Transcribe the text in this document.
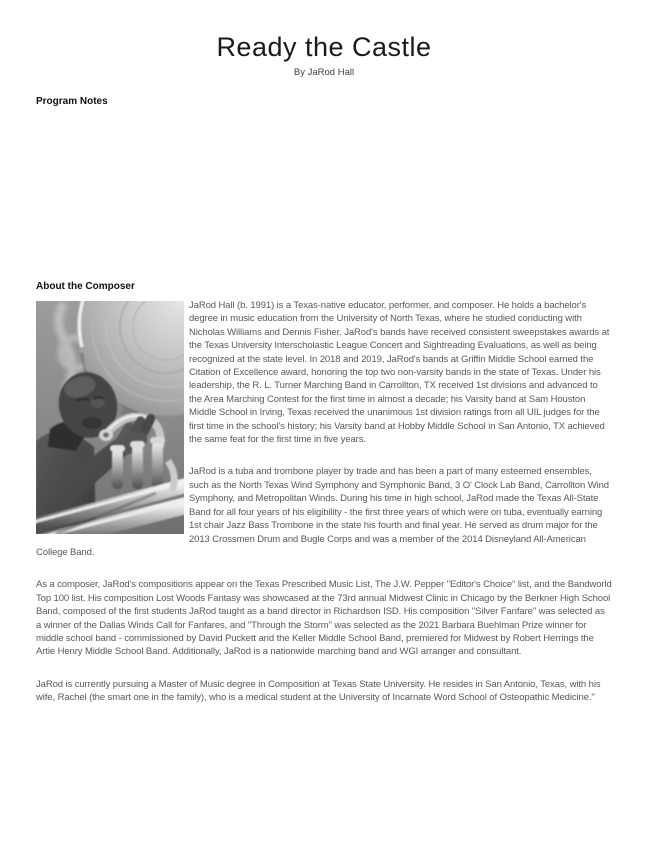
Ready the Castle
By JaRod Hall
Program Notes
About the Composer

JaRod Hall (b. 1991) is a Texas-native educator, performer, and composer. He holds a bachelor's degree in music education from the University of North Texas, where he studied conducting with Nicholas Williams and Dennis Fisher. JaRod's bands have received consistent sweepstakes awards at the Texas University Interscholastic League Concert and Sightreading Evaluations, as well as being recognized at the state level. In 2018 and 2019, JaRod's bands at Griffin Middle School earned the Citation of Excellence award, honoring the top two non-varsity bands in the state of Texas. Under his leadership, the R. L. Turner Marching Band in Carrollton, TX received 1st divisions and advanced to the Area Marching Contest for the first time in almost a decade; his Varsity band at Sam Houston Middle School in Irving, Texas received the unanimous 1st division ratings from all UIL judges for the first time in the school's history; his Varsity band at Hobby Middle School in San Antonio, TX achieved the same feat for the first time in five years.

JaRod is a tuba and trombone player by trade and has been a part of many esteemed ensembles, such as the North Texas Wind Symphony and Symphonic Band, 3 O' Clock Lab Band, Carrollton Wind Symphony, and Metropolitan Winds. During his time in high school, JaRod made the Texas All-State Band for all four years of his eligibility - the first three years of which were on tuba, eventually earning 1st chair Jazz Bass Trombone in the state his fourth and final year. He served as drum major for the 2013 Crossmen Drum and Bugle Corps and was a member of the 2014 Disneyland All-American College Band.

As a composer, JaRod's compositions appear on the Texas Prescribed Music List, The J.W. Pepper "Editor's Choice" list, and the Bandworld Top 100 list. His composition Lost Woods Fantasy was showcased at the 73rd annual Midwest Clinic in Chicago by the Berkner High School Band, composed of the first students JaRod taught as a band director in Richardson ISD. His composition "Silver Fanfare" was selected as a winner of the Dallas Winds Call for Fanfares, and "Through the Storm" was selected as the 2021 Barbara Buehlman Prize winner for middle school band - commissioned by David Puckett and the Keller Middle School Band, premiered for Midwest by Robert Herrings the Artie Henry Middle School Band. Additionally, JaRod is a nationwide marching band and WGI arranger and consultant.

JaRod is currently pursuing a Master of Music degree in Composition at Texas State University. He resides in San Antonio, Texas, with his wife, Rachel (the smart one in the family), who is a medical student at the University of Incarnate Word School of Osteopathic Medicine."
